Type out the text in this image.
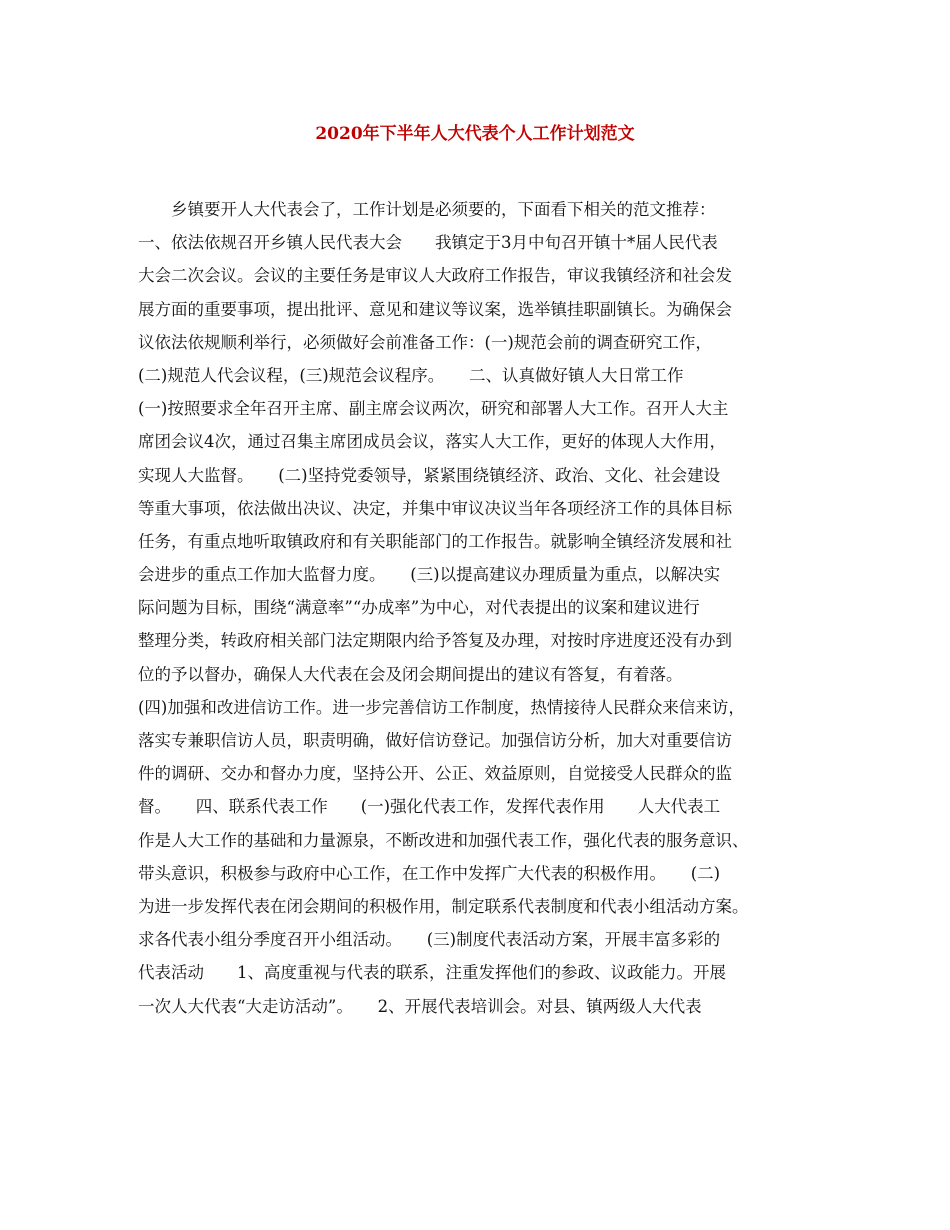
2020年下半年人大代表个人工作计划范文
　　乡镇要开人大代表会了，工作计划是必须要的，下面看下相关的范文推荐：
一、依法依规召开乡镇人民代表大会　　我镇定于3月中旬召开镇十*届人民代表
大会二次会议。会议的主要任务是审议人大政府工作报告，审议我镇经济和社会发
展方面的重要事项，提出批评、意见和建议等议案，选举镇挂职副镇长。为确保会
议依法依规顺利举行，必须做好会前准备工作：(一)规范会前的调查研究工作，
(二)规范人代会议程，(三)规范会议程序。　　二、认真做好镇人大日常工作
(一)按照要求全年召开主席、副主席会议两次，研究和部署人大工作。召开人大主
席团会议4次，通过召集主席团成员会议，落实人大工作，更好的体现人大作用，
实现人大监督。　　(二)坚持党委领导，紧紧围绕镇经济、政治、文化、社会建设
等重大事项，依法做出决议、决定，并集中审议决议当年各项经济工作的具体目标
任务，有重点地听取镇政府和有关职能部门的工作报告。就影响全镇经济发展和社
会进步的重点工作加大监督力度。　　(三)以提高建议办理质量为重点，以解决实
际问题为目标，围绕“满意率”“办成率”为中心，对代表提出的议案和建议进行
整理分类，转政府相关部门法定期限内给予答复及办理，对按时序进度还没有办到
位的予以督办，确保人大代表在会及闭会期间提出的建议有答复，有着落。
(四)加强和改进信访工作。进一步完善信访工作制度，热情接待人民群众来信来访，
落实专兼职信访人员，职责明确，做好信访登记。加强信访分析，加大对重要信访
件的调研、交办和督办力度，坚持公开、公正、效益原则，自觉接受人民群众的监
督。　　四、联系代表工作　　(一)强化代表工作，发挥代表作用　　人大代表工
作是人大工作的基础和力量源泉，不断改进和加强代表工作，强化代表的服务意识、
带头意识，积极参与政府中心工作，在工作中发挥广大代表的积极作用。　　(二)
为进一步发挥代表在闭会期间的积极作用，制定联系代表制度和代表小组活动方案。
求各代表小组分季度召开小组活动。　　(三)制度代表活动方案，开展丰富多彩的
代表活动　　1、高度重视与代表的联系，注重发挥他们的参政、议政能力。开展
一次人大代表“大走访活动”。　　2、开展代表培训会。对县、镇两级人大代表
